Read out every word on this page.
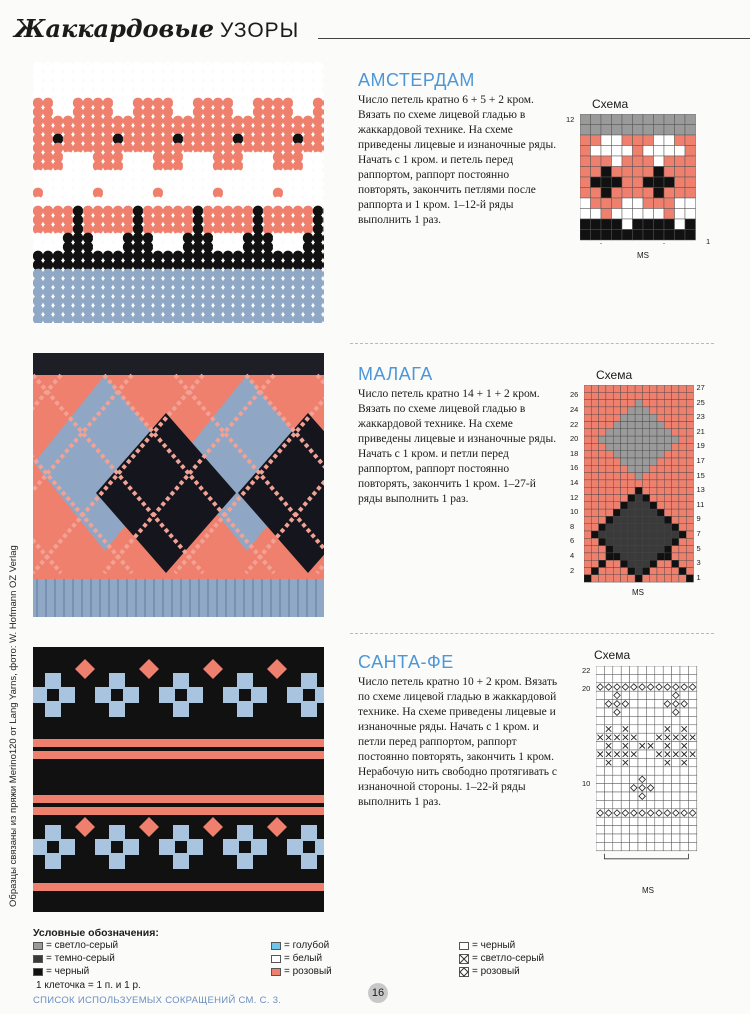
Жаккардовые УЗОРЫ
Образцы связаны из пряжи Merino120 от Lang Yarns, фото: W. Hofmann OZ Verlag
АМСТЕРДАМ

Число петель кратно 6 + 5 + 2 кром. Вязать по схеме лицевой гладью в жаккардовой технике. На схеме приведены лицевые и изнаночные ряды. Начать с 1 кром. и петель перед раппортом, раппорт постоянно повторять, закончить петлями после раппорта и 1 кром. 1–12-й ряды выполнить 1 раз.

МАЛАГА

Число петель кратно 14 + 1 + 2 кром. Вязать по схеме лицевой гладью в жаккардовой технике. На схеме приведены лицевые и изнаночные ряды. Начать с 1 кром. и петли перед раппортом, раппорт постоянно повторять, закончить 1 кром. 1–27-й ряды выполнить 1 раз.

САНТА-ФЕ

Число петель кратно 10 + 2 кром. Вязать по схеме лицевой гладью в жаккардовой технике. На схеме приведены лицевые и изнаночные ряды. Начать с 1 кром. и петли перед раппортом, раппорт постоянно повторять, закончить 1 кром. Нерабочую нить свободно протягивать с изнаночной стороны. 1–22-й ряды выполнить 1 раз.

Схема
12
1
MS
Схема
26
24
22
20
18
16
14
12
10
8
6
4
2
27
25
23
21
19
17
15
13
11
9
7
5
3
1
MS
Схема
22
20
10
MS
Условные обозначения:
= светло-серый
= темно-серый
= черный
= голубой
= белый
= розовый
= черный
= светло-серый
= розовый
1 клеточка = 1 п. и 1 р.
СПИСОК ИСПОЛЬЗУЕМЫХ СОКРАЩЕНИЙ СМ. С. 3.
16
